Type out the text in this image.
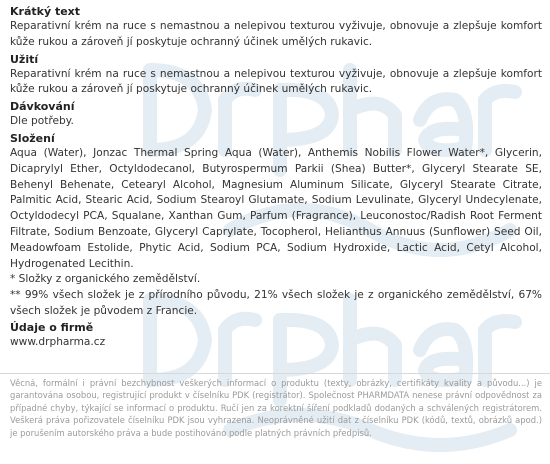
Krátký text
Reparativní krém na ruce s nemastnou a nelepivou texturou vyživuje, obnovuje a zlepšuje komfort kůže rukou a zároveň jí poskytuje ochranný účinek umělých rukavic.
Užití
Reparativní krém na ruce s nemastnou a nelepivou texturou vyživuje, obnovuje a zlepšuje komfort kůže rukou a zároveň jí poskytuje ochranný účinek umělých rukavic.
Dávkování
Dle potřeby.
Složení
Aqua (Water), Jonzac Thermal Spring Aqua (Water), Anthemis Nobilis Flower Water*, Glycerin, Dicaprylyl Ether, Octyldodecanol, Butyrospermum Parkii (Shea) Butter*, Glyceryl Stearate SE, Behenyl Behenate, Cetearyl Alcohol, Magnesium Aluminum Silicate, Glyceryl Stearate Citrate, Palmitic Acid, Stearic Acid, Sodium Stearoyl Glutamate, Sodium Levulinate, Glyceryl Undecylenate, Octyldodecyl PCA, Squalane, Xanthan Gum, Parfum (Fragrance), Leuconostoc/Radish Root Ferment Filtrate, Sodium Benzoate, Glyceryl Caprylate, Tocopherol, Helianthus Annuus (Sunflower) Seed Oil, Meadowfoam Estolide, Phytic Acid, Sodium PCA, Sodium Hydroxide, Lactic Acid, Cetyl Alcohol, Hydrogenated Lecithin.
* Složky z organického zemědělství.
** 99% všech složek je z přírodního původu, 21% všech složek je z organického zemědělství, 67% všech složek je původem z Francie.
Údaje o firmě
www.drpharma.cz
Věcná, formální i právní bezchybnost veškerých informací o produktu (texty, obrázky, certifikáty kvality a původu...) je garantována osobou, registrující produkt v číselníku PDK (registrátor). Společnost PHARMDATA nenese právní odpovědnost za případné chyby, týkající se informací o produktu. Ručí jen za korektní šíření podkladů dodaných a schválených registrátorem. Veškerá práva pořizovatele číselníku PDK jsou vyhrazena. Neoprávněné užití dat z číselníku PDK (kódů, textů, obrázků apod.) je porušením autorského práva a bude postihováno podle platných právních předpisů.
